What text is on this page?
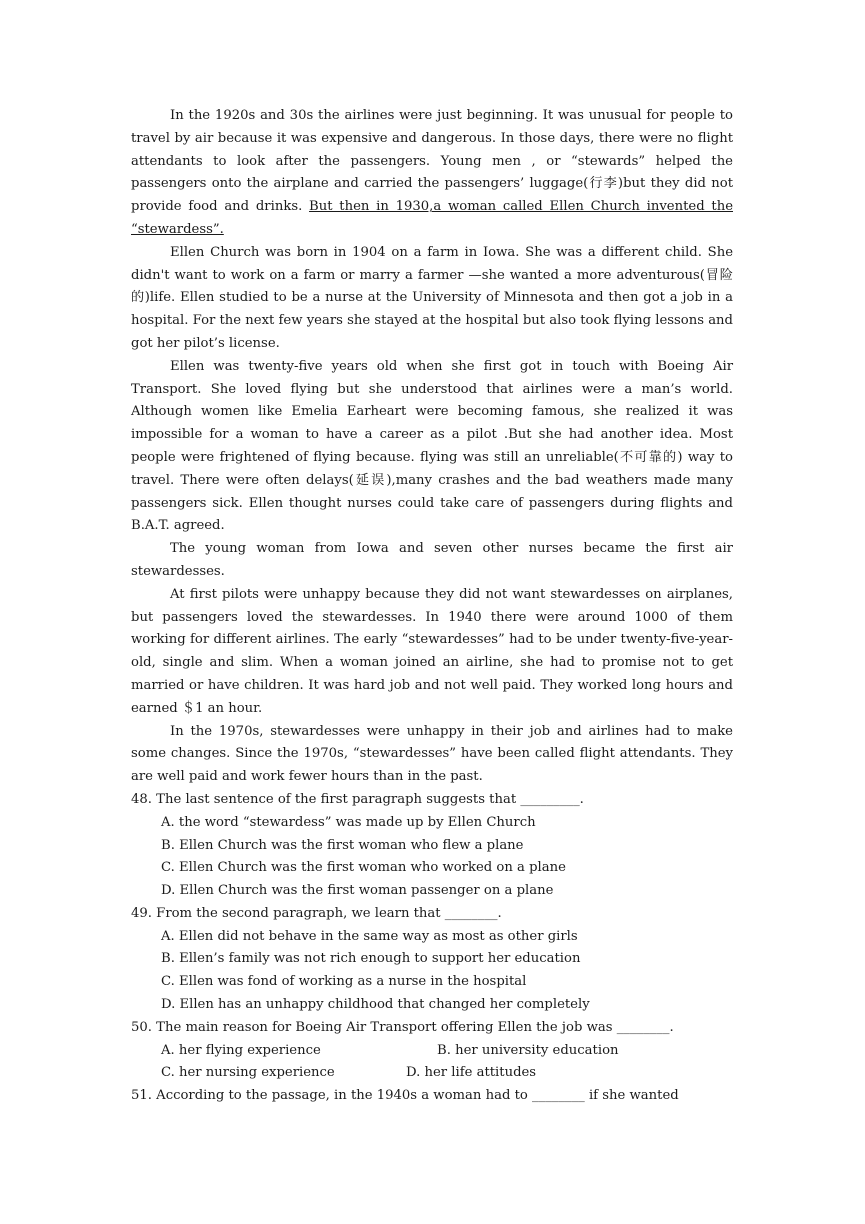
In the 1920s and 30s the airlines were just beginning. It was unusual for people to travel by air because it was expensive and dangerous. In those days, there were no flight attendants to look after the passengers. Young men , or “stewards” helped the passengers onto the airplane and carried the passengers’ luggage(行李)but they did not provide food and drinks. But then in 1930,a woman called Ellen Church invented the “stewardess”.

Ellen Church was born in 1904 on a farm in Iowa. She was a different child. She didn't want to work on a farm or marry a farmer —she wanted a more adventurous(冒险的)life. Ellen studied to be a nurse at the University of Minnesota and then got a job in a hospital. For the next few years she stayed at the hospital but also took flying lessons and got her pilot’s license.

Ellen was twenty-five years old when she first got in touch with Boeing Air Transport. She loved flying but she understood that airlines were a man’s world. Although women like Emelia Earheart were becoming famous, she realized it was impossible for a woman to have a career as a pilot .But she had another idea. Most people were frightened of flying because. flying was still an unreliable(不可靠的) way to travel. There were often delays(延误),many crashes and the bad weathers made many passengers sick. Ellen thought nurses could take care of passengers during flights and B.A.T. agreed.

The young woman from Iowa and seven other nurses became the first air stewardesses.

At first pilots were unhappy because they did not want stewardesses on airplanes, but passengers loved the stewardesses. In 1940 there were around 1000 of them working for different airlines. The early “stewardesses” had to be under twenty-five-year-old, single and slim. When a woman joined an airline, she had to promise not to get married or have children. It was hard job and not well paid. They worked long hours and earned ＄1 an hour.

In the 1970s, stewardesses were unhappy in their job and airlines had to make some changes. Since the 1970s, “stewardesses” have been called flight attendants. They are well paid and work fewer hours than in the past.

48. The last sentence of the first paragraph suggests that _________.

A. the word “stewardess” was made up by Ellen Church

B. Ellen Church was the first woman who flew a plane

C. Ellen Church was the first woman who worked on a plane

D. Ellen Church was the first woman passenger on a plane

49. From the second paragraph, we learn that ________.

A. Ellen did not behave in the same way as most as other girls

B. Ellen’s family was not rich enough to support her education

C. Ellen was fond of working as a nurse in the hospital

D. Ellen has an unhappy childhood that changed her completely

50. The main reason for Boeing Air Transport offering Ellen the job was ________.

A. her flying experience	B. her university education
C. her nursing experience	D. her life attitudes

51. According to the passage, in the 1940s a woman had to ________ if she wanted
